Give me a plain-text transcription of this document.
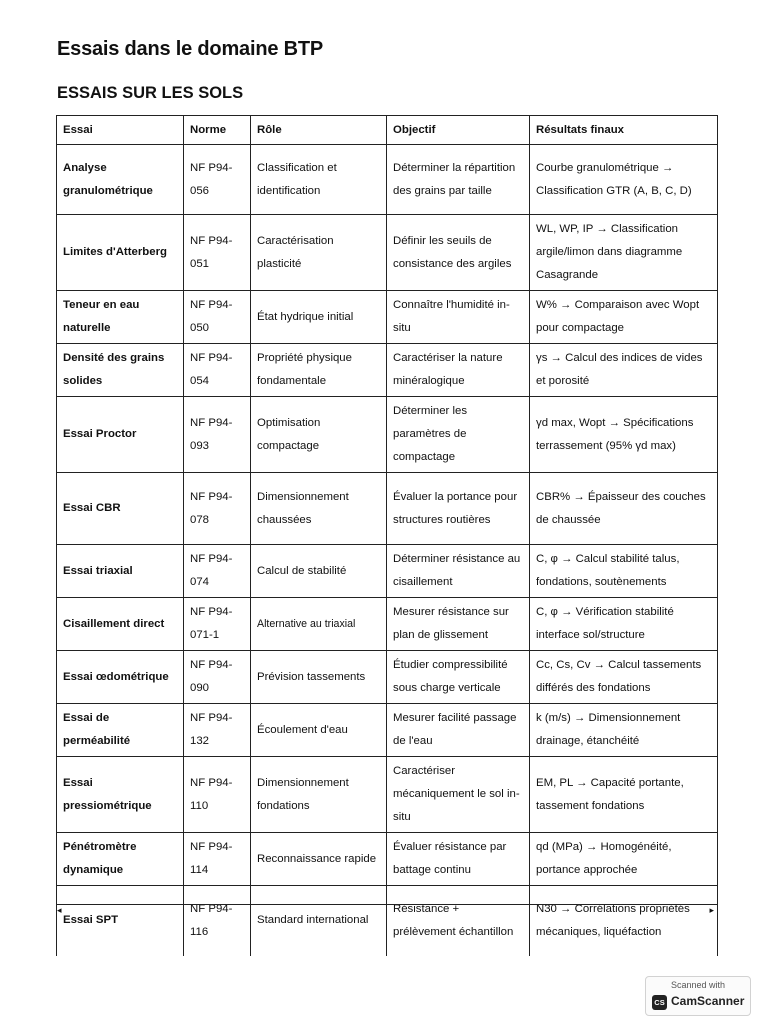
Essais dans le domaine BTP
ESSAIS SUR LES SOLS
Essai	Norme	Rôle	Objectif	Résultats finaux
Analyse granulométrique	NF P94-056	Classification et identification	Déterminer la répartition des grains par taille	Courbe granulométrique → Classification GTR (A, B, C, D)
Limites d'Atterberg	NF P94-051	Caractérisation plasticité	Définir les seuils de consistance des argiles	WL, WP, IP → Classification argile/limon dans diagramme Casagrande
Teneur en eau naturelle	NF P94-050	État hydrique initial	Connaître l'humidité in-situ	W% → Comparaison avec Wopt pour compactage
Densité des grains solides	NF P94-054	Propriété physique fondamentale	Caractériser la nature minéralogique	γs → Calcul des indices de vides et porosité
Essai Proctor	NF P94-093	Optimisation compactage	Déterminer les paramètres de compactage	γd max, Wopt → Spécifications terrassement (95% γd max)
Essai CBR	NF P94-078	Dimensionnement chaussées	Évaluer la portance pour structures routières	CBR% → Épaisseur des couches de chaussée
Essai triaxial	NF P94-074	Calcul de stabilité	Déterminer résistance au cisaillement	C, φ → Calcul stabilité talus, fondations, soutènements
Cisaillement direct	NF P94-071-1	Alternative au triaxial	Mesurer résistance sur plan de glissement	C, φ → Vérification stabilité interface sol/structure
Essai œdométrique	NF P94-090	Prévision tassements	Étudier compressibilité sous charge verticale	Cc, Cs, Cv → Calcul tassements différés des fondations
Essai de perméabilité	NF P94-132	Écoulement d'eau	Mesurer facilité passage de l'eau	k (m/s) → Dimensionnement drainage, étanchéité
Essai pressiométrique	NF P94-110	Dimensionnement fondations	Caractériser mécaniquement le sol in-situ	EM, PL → Capacité portante, tassement fondations
Pénétromètre dynamique	NF P94-114	Reconnaissance rapide	Évaluer résistance par battage continu	qd (MPa) → Homogénéité, portance approchée
Essai SPT	NF P94-116	Standard international	Résistance + prélèvement échantillon	N30 → Corrélations propriétés mécaniques, liquéfaction
◂	▸
Scanned with
CS CamScanner
